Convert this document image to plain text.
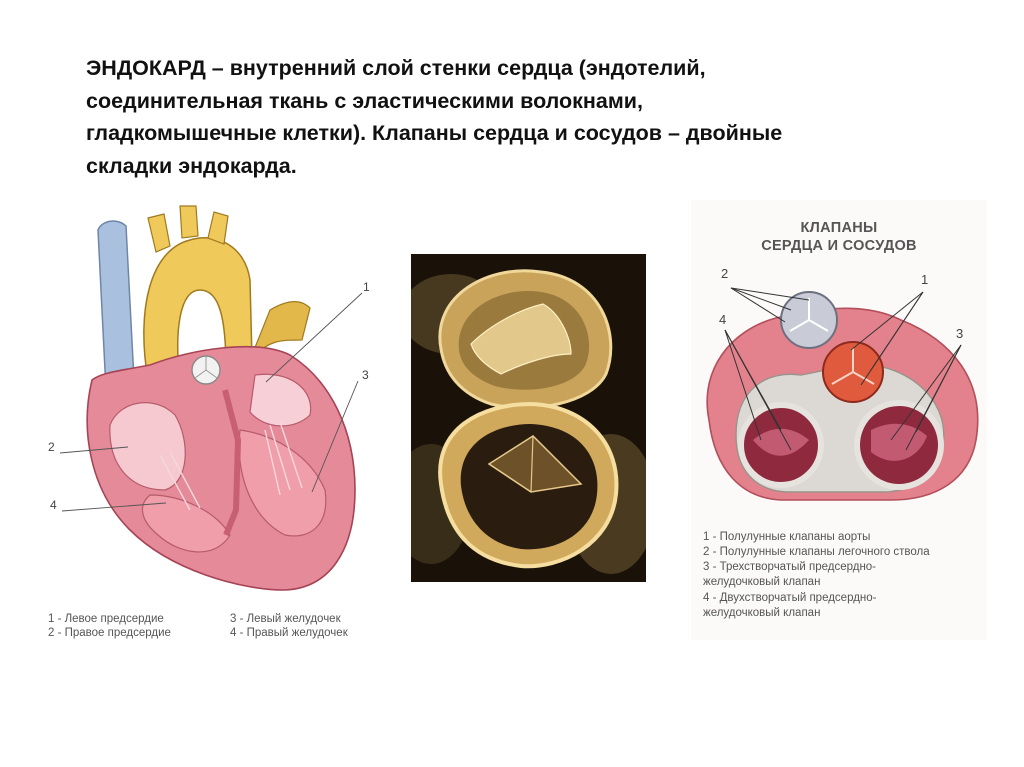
ЭНДОКАРД – внутренний слой стенки сердца (эндотелий,
соединительная ткань с эластическими волокнами,
гладкомышечные клетки). Клапаны сердца и сосудов – двойные
складки эндокарда.
1
2
3
4
1 - Левое предсердие
2 - Правое предсердие
3 - Левый желудочек
4 - Правый желудочек
КЛАПАНЫ
СЕРДЦА И СОСУДОВ
2	1
4
3
1 - Полулунные клапаны аорты
2 - Полулунные клапаны легочного ствола
3 - Трехстворчатый предсердно-
желудочковый клапан
4 - Двухстворчатый предсердно-
желудочковый клапан
